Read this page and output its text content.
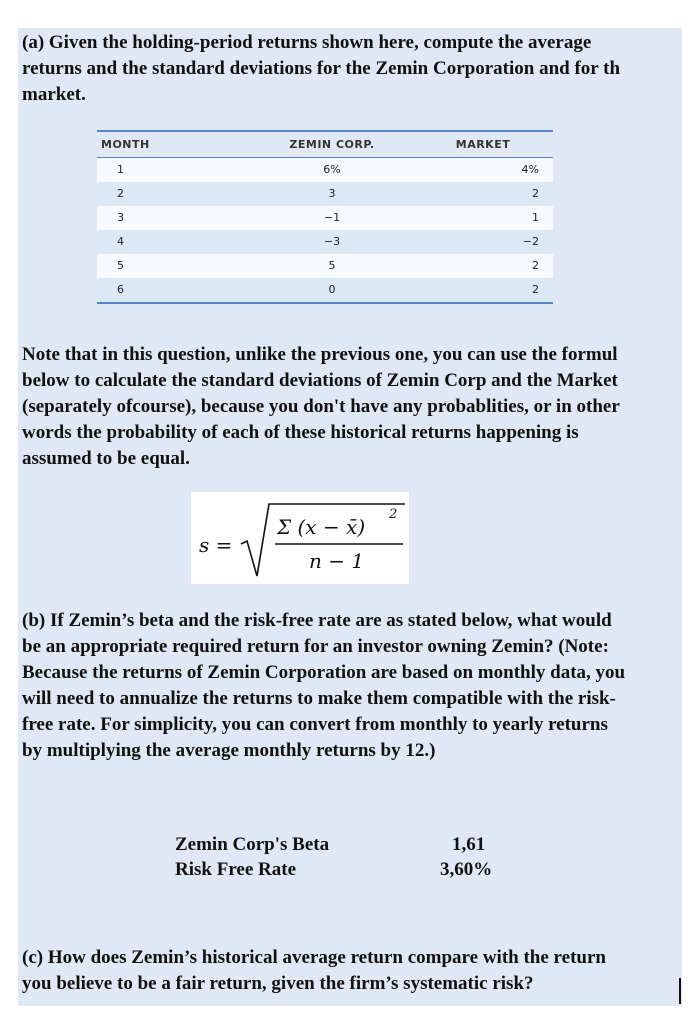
(a) Given the holding-period returns shown here, compute the average
returns and the standard deviations for the Zemin Corporation and for th
market.

MONTH	ZEMIN CORP.	MARKET
1	6%	4%
2	3	2
3	−1	1
4	−3	−2
5	5	2
6	0	2

Note that in this question, unlike the previous one, you can use the formul
below to calculate the standard deviations of Zemin Corp and the Market
(separately ofcourse), because you don't have any probablities, or in other
words the probability of each of these historical returns happening is
assumed to be equal.

s =
Σ (x − x̄)
2
n − 1

(b) If Zemin’s beta and the risk-free rate are as stated below, what would
be an appropriate required return for an investor owning Zemin? (Note:
Because the returns of Zemin Corporation are based on monthly data, you
will need to annualize the returns to make them compatible with the risk-
free rate. For simplicity, you can convert from monthly to yearly returns
by multiplying the average monthly returns by 12.)

Zemin Corp's Beta	1,61
Risk Free Rate	3,60%

(c) How does Zemin’s historical average return compare with the return
you believe to be a fair return, given the firm’s systematic risk?
